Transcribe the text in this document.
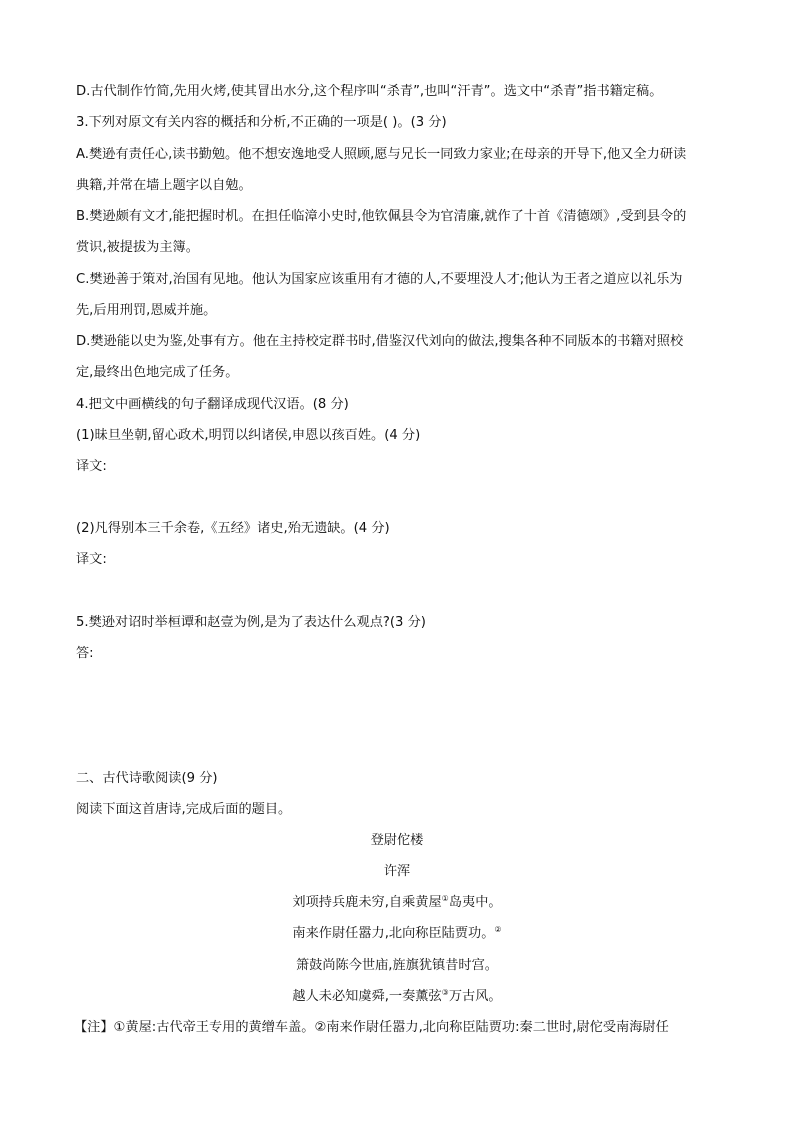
D.古代制作竹简,先用火烤,使其冒出水分,这个程序叫“杀青”,也叫“汗青”。选文中“杀青”指书籍定稿。
3.下列对原文有关内容的概括和分析,不正确的一项是( )。(3 分)
A.樊逊有责任心,读书勤勉。他不想安逸地受人照顾,愿与兄长一同致力家业;在母亲的开导下,他又全力研读
典籍,并常在墙上题字以自勉。
B.樊逊颇有文才,能把握时机。在担任临漳小史时,他钦佩县令为官清廉,就作了十首《清德颂》,受到县令的
赏识,被提拔为主簿。
C.樊逊善于策对,治国有见地。他认为国家应该重用有才德的人,不要埋没人才;他认为王者之道应以礼乐为
先,后用刑罚,恩威并施。
D.樊逊能以史为鉴,处事有方。他在主持校定群书时,借鉴汉代刘向的做法,搜集各种不同版本的书籍对照校
定,最终出色地完成了任务。
4.把文中画横线的句子翻译成现代汉语。(8 分)
(1)昧旦坐朝,留心政术,明罚以纠诸侯,申恩以孩百姓。(4 分)
译文:
(2)凡得别本三千余卷,《五经》诸史,殆无遗缺。(4 分)
译文:
5.樊逊对诏时举桓谭和赵壹为例,是为了表达什么观点?(3 分)
答:
二、古代诗歌阅读(9 分)
阅读下面这首唐诗,完成后面的题目。
登尉佗楼
许浑
刘项持兵鹿未穷,自乘黄屋①岛夷中。
南来作尉任嚣力,北向称臣陆贾功。②
箫鼓尚陈今世庙,旌旗犹镇昔时宫。
越人未必知虞舜,一奏薰弦③万古风。
【注】①黄屋:古代帝王专用的黄缯车盖。②南来作尉任嚣力,北向称臣陆贾功:秦二世时,尉佗受南海尉任
